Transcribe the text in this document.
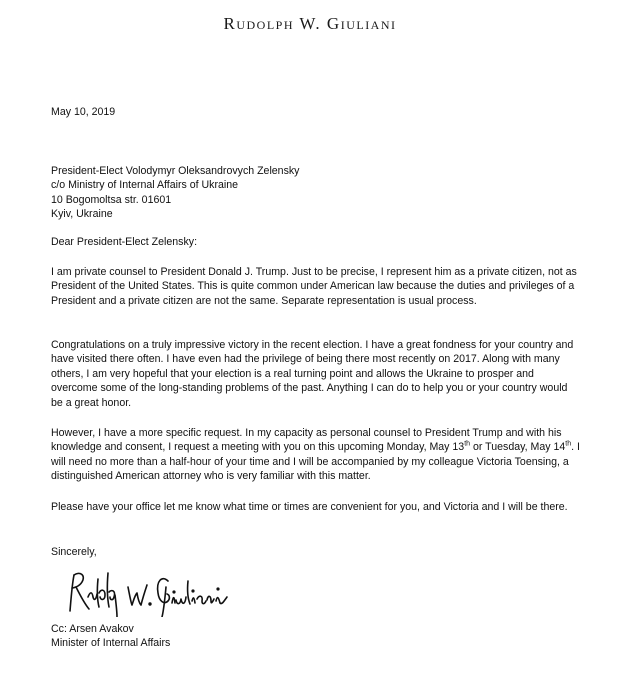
Rudolph W. Giuliani
May 10, 2019
President-Elect Volodymyr Oleksandrovych Zelensky
c/o Ministry of Internal Affairs of Ukraine
10 Bogomoltsa str. 01601
Kyiv, Ukraine
Dear President-Elect Zelensky:
I am private counsel to President Donald J. Trump. Just to be precise, I represent him as a private citizen, not as President of the United States. This is quite common under American law because the duties and privileges of a President and a private citizen are not the same. Separate representation is usual process.
Congratulations on a truly impressive victory in the recent election. I have a great fondness for your country and have visited there often. I have even had the privilege of being there most recently on 2017. Along with many others, I am very hopeful that your election is a real turning point and allows the Ukraine to prosper and overcome some of the long-standing problems of the past. Anything I can do to help you or your country would be a great honor.
However, I have a more specific request. In my capacity as personal counsel to President Trump and with his knowledge and consent, I request a meeting with you on this upcoming Monday, May 13th or Tuesday, May 14th. I will need no more than a half-hour of your time and I will be accompanied by my colleague Victoria Toensing, a distinguished American attorney who is very familiar with this matter.
Please have your office let me know what time or times are convenient for you, and Victoria and I will be there.
Sincerely,
Cc: Arsen Avakov
Minister of Internal Affairs
